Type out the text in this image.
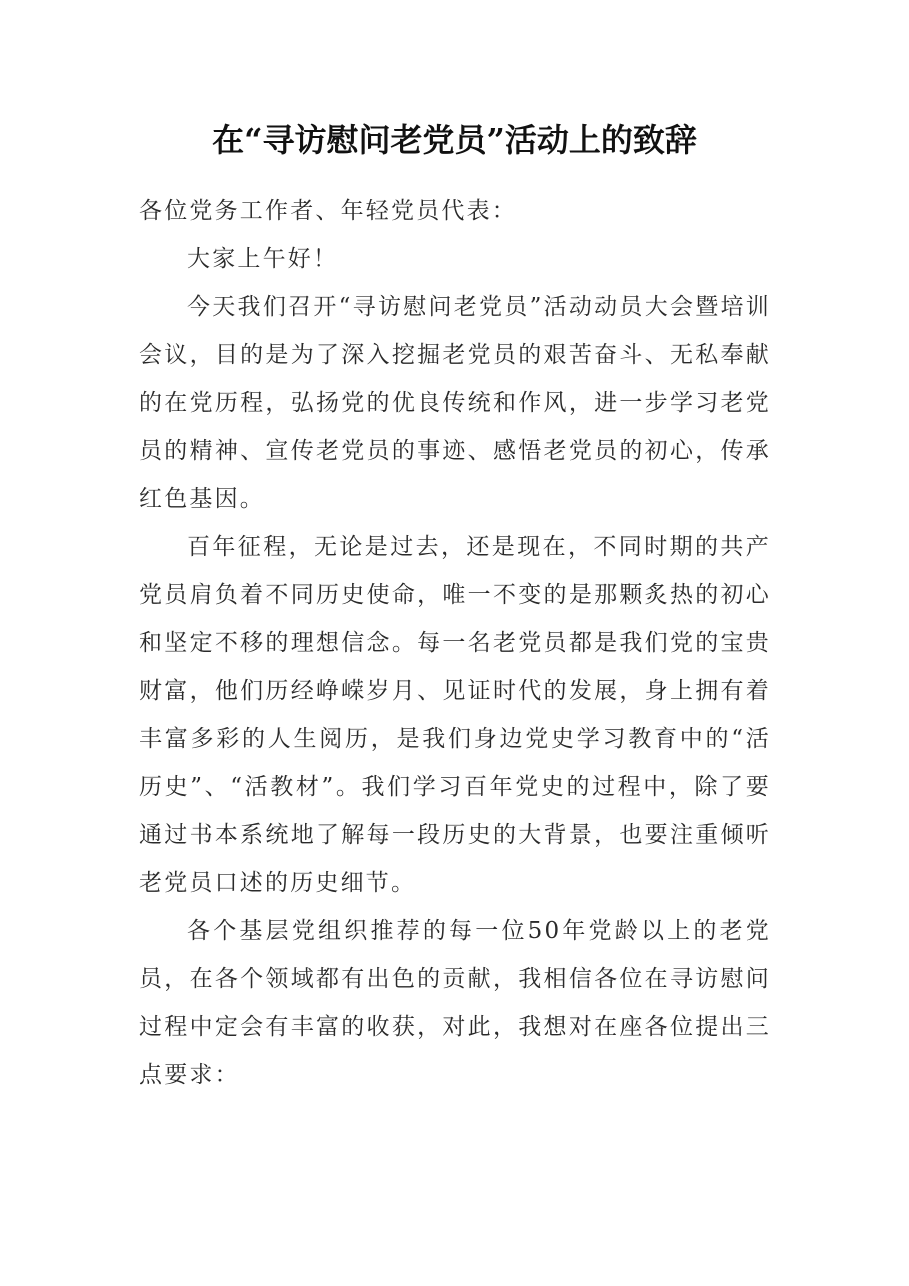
在“寻访慰问老党员”活动上的致辞

各位党务工作者、年轻党员代表：

大家上午好！

今天我们召开“寻访慰问老党员”活动动员大会暨培训会议，目的是为了深入挖掘老党员的艰苦奋斗、无私奉献的在党历程，弘扬党的优良传统和作风，进一步学习老党员的精神、宣传老党员的事迹、感悟老党员的初心，传承红色基因。

百年征程，无论是过去，还是现在，不同时期的共产党员肩负着不同历史使命，唯一不变的是那颗炙热的初心和坚定不移的理想信念。每一名老党员都是我们党的宝贵财富，他们历经峥嵘岁月、见证时代的发展，身上拥有着丰富多彩的人生阅历，是我们身边党史学习教育中的“活历史”、“活教材”。我们学习百年党史的过程中，除了要通过书本系统地了解每一段历史的大背景，也要注重倾听老党员口述的历史细节。

各个基层党组织推荐的每一位50年党龄以上的老党员，在各个领域都有出色的贡献，我相信各位在寻访慰问过程中定会有丰富的收获，对此，我想对在座各位提出三点要求：
